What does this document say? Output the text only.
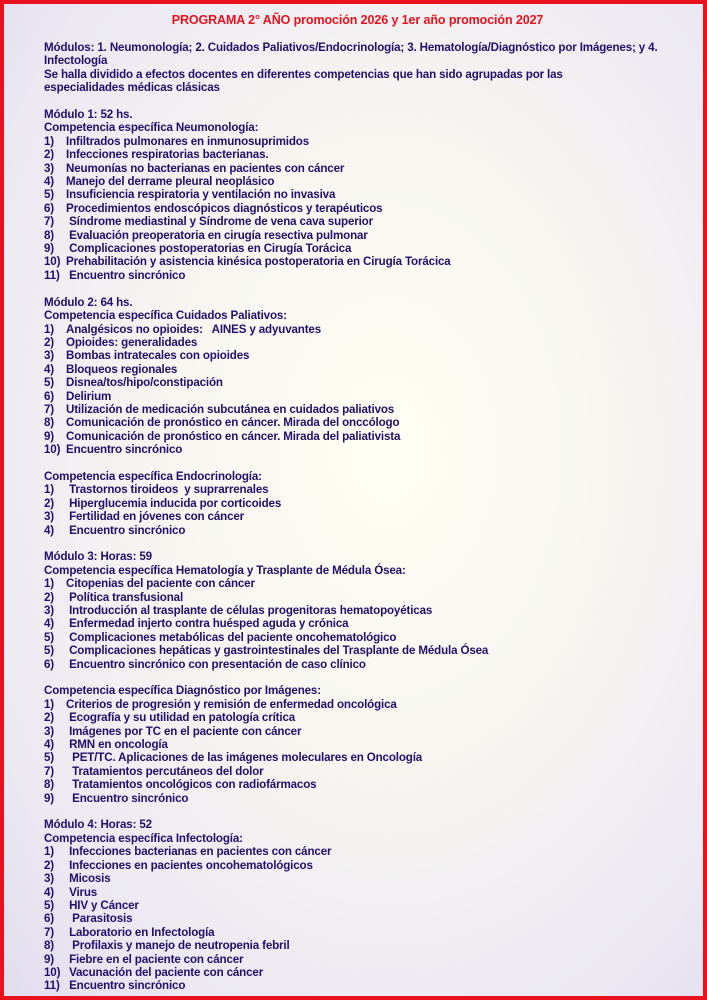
PROGRAMA 2° AÑO promoción 2026 y 1er año promoción 2027
Módulos: 1. Neumonología; 2. Cuidados Paliativos/Endocrinología; 3. Hematología/Diagnóstico por Imágenes; y 4. Infectología
Se halla dividido a efectos docentes en diferentes competencias que han sido agrupadas por las
especialidades médicas clásicas
Módulo 1: 52 hs.
Competencia específica Neumonología:
1)	Infiltrados pulmonares en inmunosuprimidos
2)	Infecciones respiratorias bacterianas.
3)	Neumonías no bacterianas en pacientes con cáncer
4)	Manejo del derrame pleural neoplásico
5)	Insuficiencia respiratoria y ventilación no invasiva
6)	Procedimientos endoscópicos diagnósticos y terapéuticos
7)	Síndrome mediastinal y Síndrome de vena cava superior
8)	Evaluación preoperatoria en cirugía resectiva pulmonar
9)	Complicaciones postoperatorias en Cirugía Torácica
10) Prehabilitación y asistencia kinésica postoperatoria en Cirugía Torácica
11) Encuentro sincrónico
Módulo 2: 64 hs.
Competencia específica Cuidados Paliativos:
1)	Analgésicos no opioides:   AINES y adyuvantes
2)	Opioides: generalidades
3)	Bombas intratecales con opioides
4)	Bloqueos regionales
5)	Disnea/tos/hipo/constipación
6)	Delirium
7)	Utilización de medicación subcutánea en cuidados paliativos
8)	Comunicación de pronóstico en cáncer. Mirada del onccólogo
9)	Comunicación de pronóstico en cáncer. Mirada del paliativista
10) Encuentro sincrónico
Competencia específica Endocrinología:
1)	Trastornos tiroideos  y suprarrenales
2)	Hiperglucemia inducida por corticoides
3)	Fertilidad en jóvenes con cáncer
4)	Encuentro sincrónico
Módulo 3: Horas: 59
Competencia específica Hematología y Trasplante de Médula Ósea:
1)	Citopenias del paciente con cáncer
2)	Política transfusional
3)	Introducción al trasplante de células progenitoras hematopoyéticas
4)	Enfermedad injerto contra huésped aguda y crónica
5)	Complicaciones metabólicas del paciente oncohematológico
5)	Complicaciones hepáticas y gastrointestinales del Trasplante de Médula Ósea
6)	Encuentro sincrónico con presentación de caso clínico
Competencia específica Diagnóstico por Imágenes:
1)	Criterios de progresión y remisión de enfermedad oncológica
2)	Ecografía y su utilidad en patología crítica
3)	Imágenes por TC en el paciente con cáncer
4)	RMN en oncología
5)	PET/TC. Aplicaciones de las imágenes moleculares en Oncología
7)	Tratamientos percutáneos del dolor
8)	Tratamientos oncológicos con radiofármacos
9)	Encuentro sincrónico
Módulo 4: Horas: 52
Competencia específica Infectología:
1)	Infecciones bacterianas en pacientes con cáncer
2)	Infecciones en pacientes oncohematológicos
3)	Micosis
4)	Virus
5)	HIV y Cáncer
6)	Parasitosis
7)	Laboratorio en Infectología
8)	Profilaxis y manejo de neutropenia febril
9)	Fiebre en el paciente con cáncer
10) Vacunación del paciente con cáncer
11) Encuentro sincrónico
